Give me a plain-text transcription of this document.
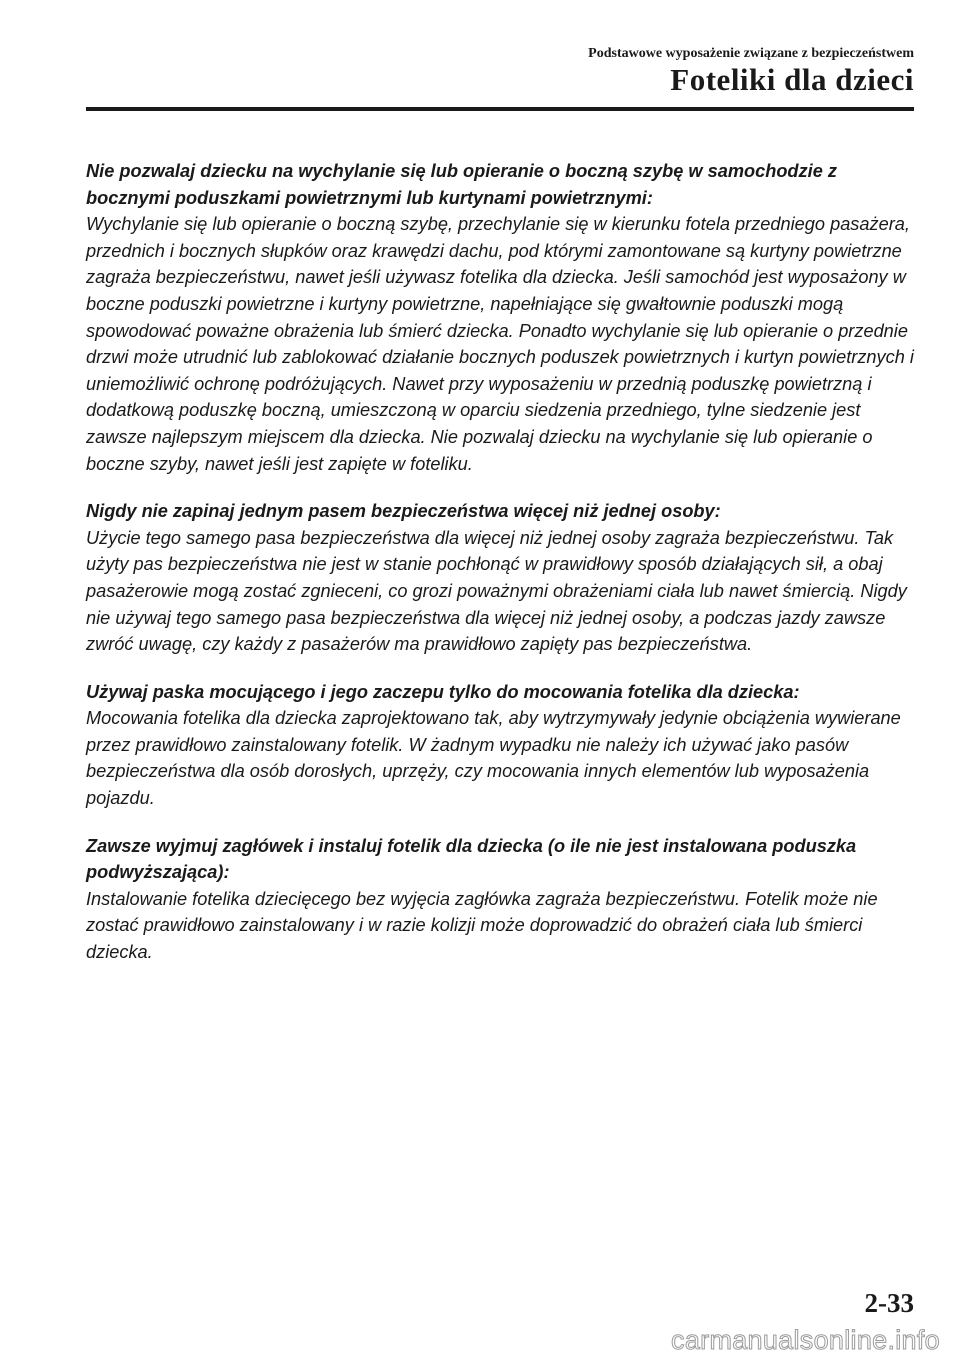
Podstawowe wyposażenie związane z bezpieczeństwem
Foteliki dla dzieci

Nie pozwalaj dziecku na wychylanie się lub opieranie o boczną szybę w samochodzie z bocznymi poduszkami powietrznymi lub kurtynami powietrznymi:

Wychylanie się lub opieranie o boczną szybę, przechylanie się w kierunku fotela przedniego pasażera, przednich i bocznych słupków oraz krawędzi dachu, pod którymi zamontowane są kurtyny powietrzne zagraża bezpieczeństwu, nawet jeśli używasz fotelika dla dziecka. Jeśli samochód jest wyposażony w boczne poduszki powietrzne i kurtyny powietrzne, napełniające się gwałtownie poduszki mogą spowodować poważne obrażenia lub śmierć dziecka. Ponadto wychylanie się lub opieranie o przednie drzwi może utrudnić lub zablokować działanie bocznych poduszek powietrznych i kurtyn powietrznych i uniemożliwić ochronę podróżujących. Nawet przy wyposażeniu w przednią poduszkę powietrzną i dodatkową poduszkę boczną, umieszczoną w oparciu siedzenia przedniego, tylne siedzenie jest zawsze najlepszym miejscem dla dziecka. Nie pozwalaj dziecku na wychylanie się lub opieranie o boczne szyby, nawet jeśli jest zapięte w foteliku.

Nigdy nie zapinaj jednym pasem bezpieczeństwa więcej niż jednej osoby:

Użycie tego samego pasa bezpieczeństwa dla więcej niż jednej osoby zagraża bezpieczeństwu. Tak użyty pas bezpieczeństwa nie jest w stanie pochłonąć w prawidłowy sposób działających sił, a obaj pasażerowie mogą zostać zgnieceni, co grozi poważnymi obrażeniami ciała lub nawet śmiercią. Nigdy nie używaj tego samego pasa bezpieczeństwa dla więcej niż jednej osoby, a podczas jazdy zawsze zwróć uwagę, czy każdy z pasażerów ma prawidłowo zapięty pas bezpieczeństwa.

Używaj paska mocującego i jego zaczepu tylko do mocowania fotelika dla dziecka:

Mocowania fotelika dla dziecka zaprojektowano tak, aby wytrzymywały jedynie obciążenia wywierane przez prawidłowo zainstalowany fotelik. W żadnym wypadku nie należy ich używać jako pasów bezpieczeństwa dla osób dorosłych, uprzęży, czy mocowania innych elementów lub wyposażenia pojazdu.

Zawsze wyjmuj zagłówek i instaluj fotelik dla dziecka (o ile nie jest instalowana poduszka podwyższająca):

Instalowanie fotelika dziecięcego bez wyjęcia zagłówka zagraża bezpieczeństwu. Fotelik może nie zostać prawidłowo zainstalowany i w razie kolizji może doprowadzić do obrażeń ciała lub śmierci dziecka.

2-33
carmanualsonline.info
